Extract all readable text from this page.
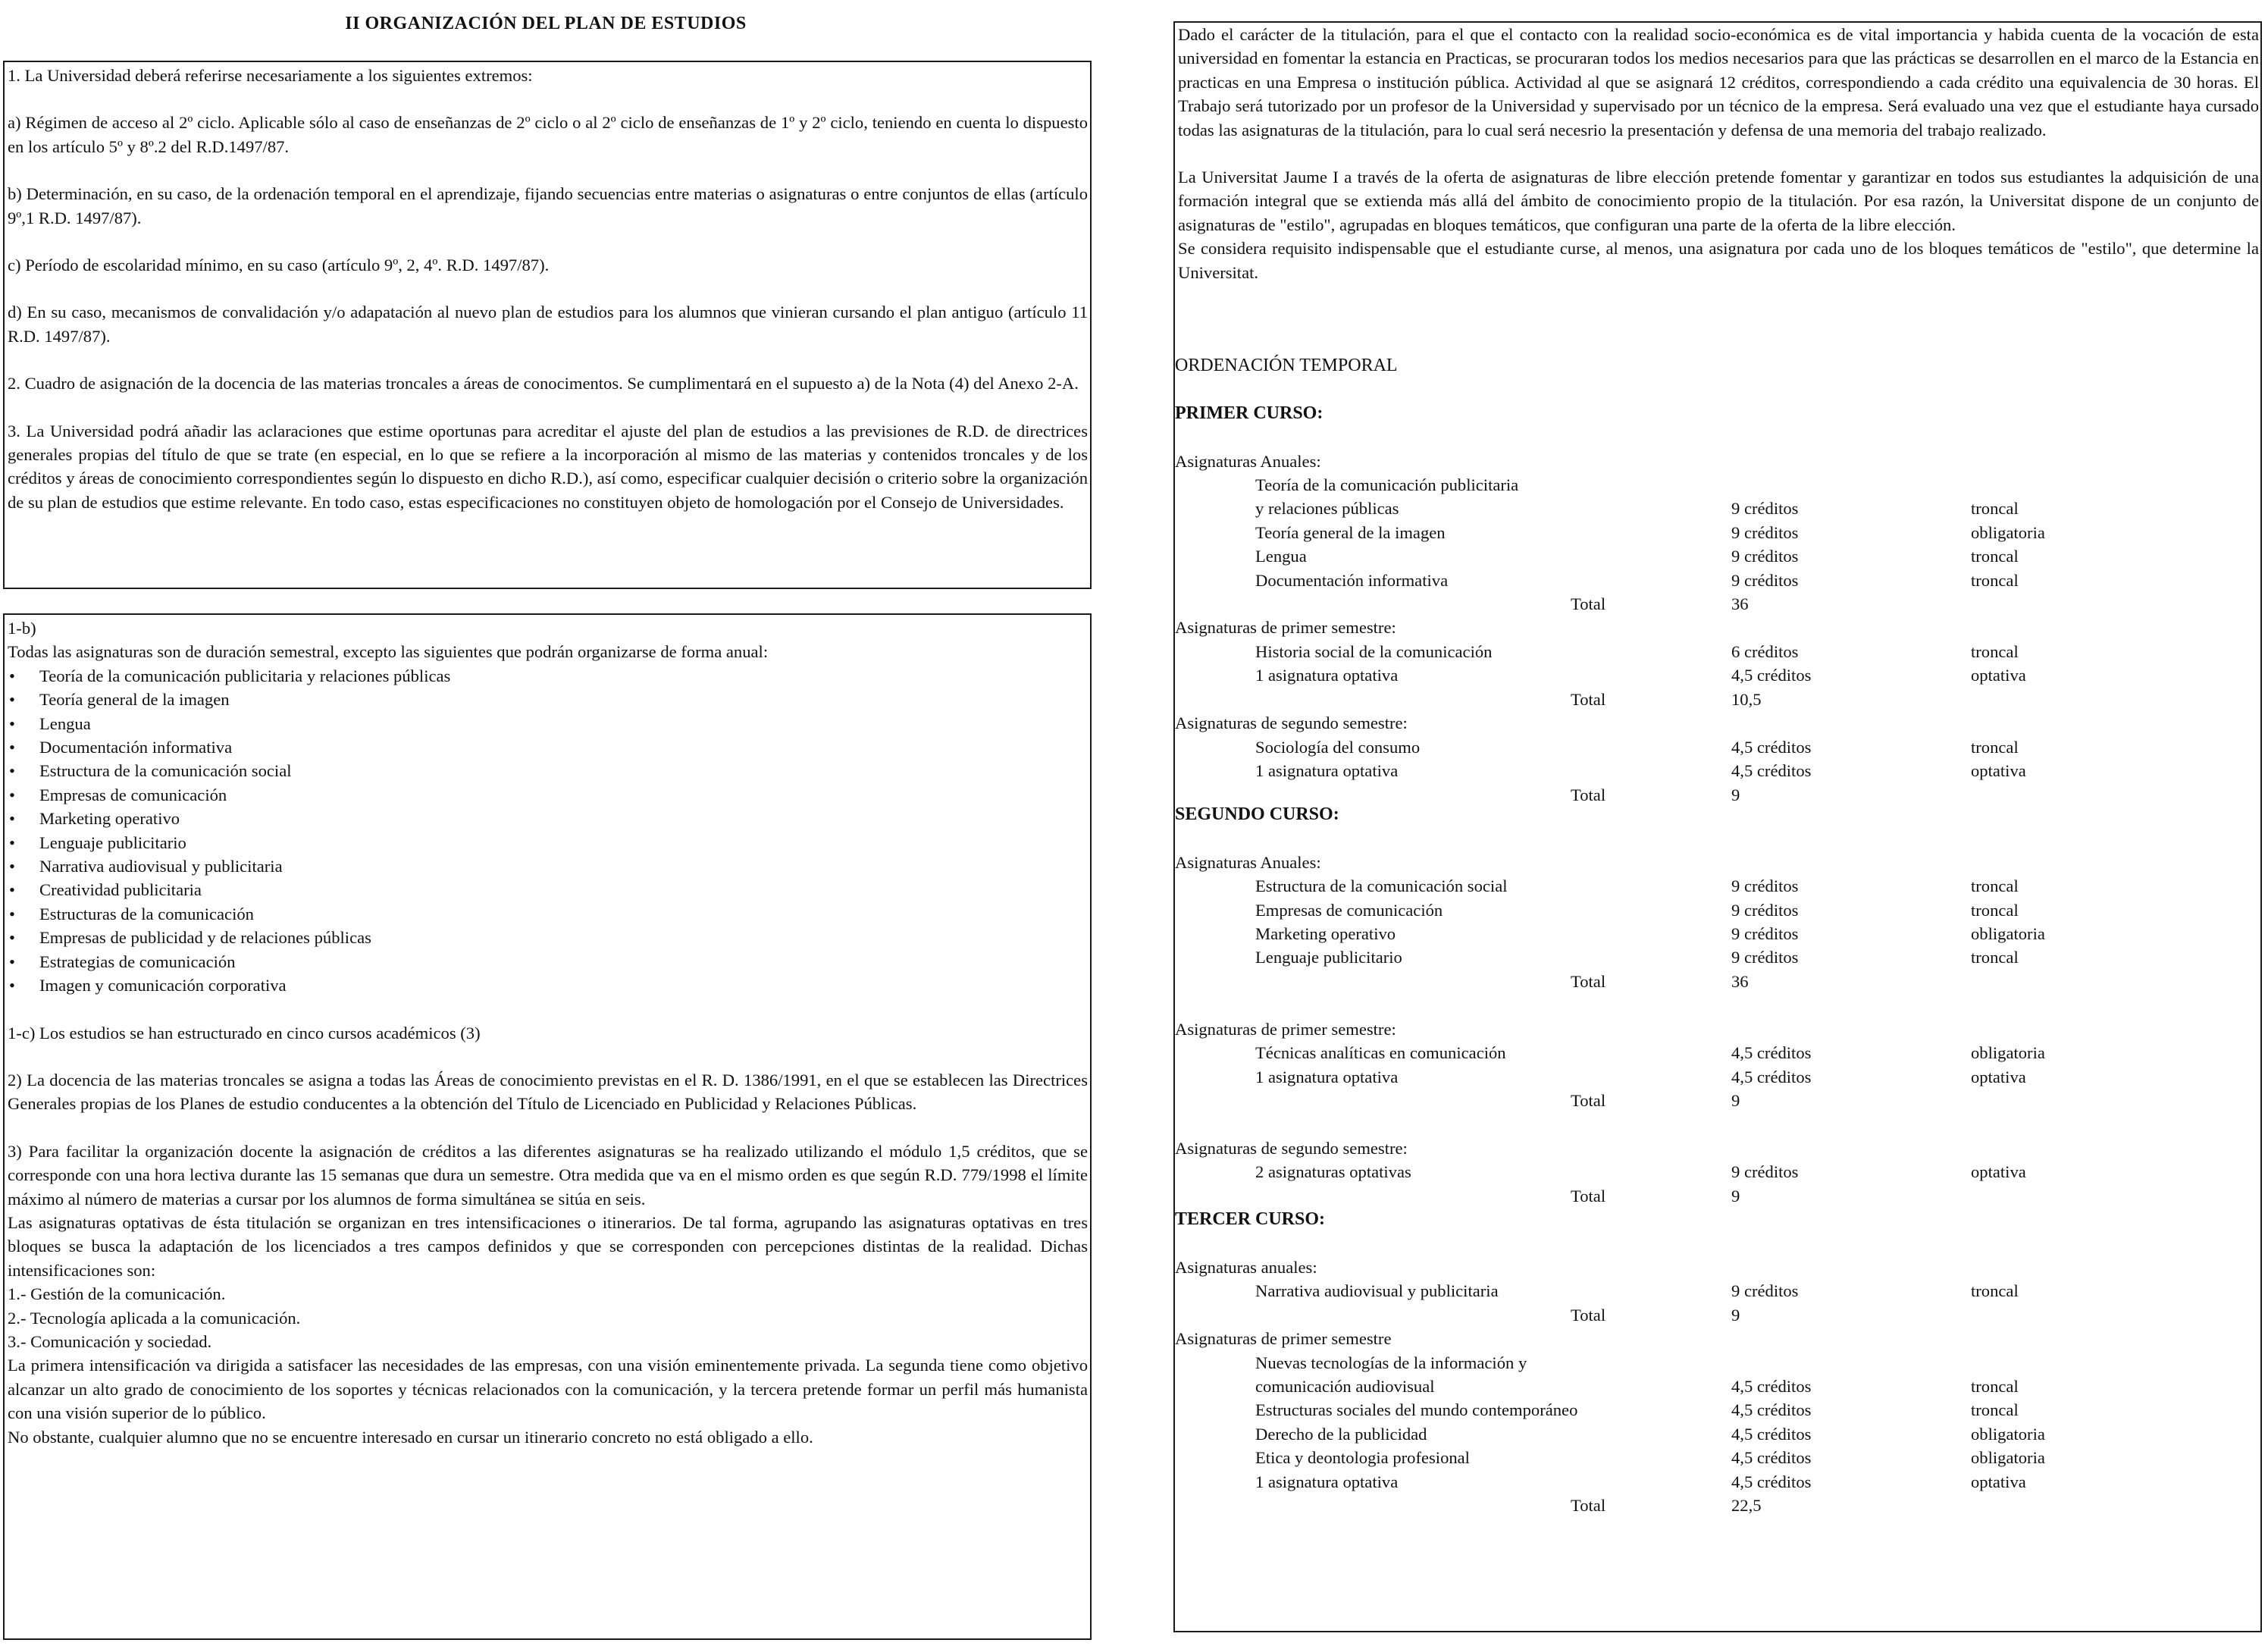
II ORGANIZACIÓN DEL PLAN DE ESTUDIOS

1. La Universidad deberá referirse necesariamente a los siguientes extremos:

a) Régimen de acceso al 2º ciclo. Aplicable sólo al caso de enseñanzas de 2º ciclo o al 2º ciclo de enseñanzas de 1º y 2º ciclo, teniendo en cuenta lo dispuesto en los artículo 5º y 8º.2 del R.D.1497/87.

b) Determinación, en su caso, de la ordenación temporal en el aprendizaje, fijando secuencias entre materias o asignaturas o entre conjuntos de ellas (artículo 9º,1 R.D. 1497/87).

c) Período de escolaridad mínimo, en su caso (artículo 9º, 2, 4º. R.D. 1497/87).

d) En su caso, mecanismos de convalidación y/o adapatación al nuevo plan de estudios para los alumnos que vinieran cursando el plan antiguo (artículo 11 R.D. 1497/87).

2. Cuadro de asignación de la docencia de las materias troncales a áreas de conocimentos. Se cumplimentará en el supuesto a) de la Nota (4) del Anexo 2-A.

3. La Universidad podrá añadir las aclaraciones que estime oportunas para acreditar el ajuste del plan de estudios a las previsiones de R.D. de directrices generales propias del título de que se trate (en especial, en lo que se refiere a la incorporación al mismo de las materias y contenidos troncales y de los créditos y áreas de conocimiento correspondientes según lo dispuesto en dicho R.D.), así como, especificar cualquier decisión o criterio sobre la organización de su plan de estudios que estime relevante. En todo caso, estas especificaciones no constituyen objeto de homologación por el Consejo de Universidades.

1-b)

Todas las asignaturas son de duración semestral, excepto las siguientes que podrán organizarse de forma anual:

• Teoría de la comunicación publicitaria y relaciones públicas
• Teoría general de la imagen
• Lengua
• Documentación informativa
• Estructura de la comunicación social
• Empresas de comunicación
• Marketing operativo
• Lenguaje publicitario
• Narrativa audiovisual y publicitaria
• Creatividad publicitaria
• Estructuras de la comunicación
• Empresas de publicidad y de relaciones públicas
• Estrategias de comunicación
• Imagen y comunicación corporativa

1-c) Los estudios se han estructurado en cinco cursos académicos (3)

2) La docencia de las materias troncales se asigna a todas las Áreas de conocimiento previstas en el R. D. 1386/1991, en el que se establecen las Directrices Generales propias de los Planes de estudio conducentes a la obtención del Título de Licenciado en Publicidad y Relaciones Públicas.

3) Para facilitar la organización docente la asignación de créditos a las diferentes asignaturas se ha realizado utilizando el módulo 1,5 créditos, que se corresponde con una hora lectiva durante las 15 semanas que dura un semestre. Otra medida que va en el mismo orden es que según R.D. 779/1998 el límite máximo al número de materias a cursar por los alumnos de forma simultánea se sitúa en seis.

Las asignaturas optativas de ésta titulación se organizan en tres intensificaciones o itinerarios. De tal forma, agrupando las asignaturas optativas en tres bloques se busca la adaptación de los licenciados a tres campos definidos y que se corresponden con percepciones distintas de la realidad. Dichas intensificaciones son:

1.- Gestión de la comunicación.

2.- Tecnología aplicada a la comunicación.

3.- Comunicación y sociedad.

La primera intensificación va dirigida a satisfacer las necesidades de las empresas, con una visión eminentemente privada. La segunda tiene como objetivo alcanzar un alto grado de conocimiento de los soportes y técnicas relacionados con la comunicación, y la tercera pretende formar un perfil más humanista con una visión superior de lo público.

No obstante, cualquier alumno que no se encuentre interesado en cursar un itinerario concreto no está obligado a ello.

Dado el carácter de la titulación, para el que el contacto con la realidad socio-económica es de vital importancia y habida cuenta de la vocación de esta universidad en fomentar la estancia en Practicas, se procuraran todos los medios necesarios para que las prácticas se desarrollen en el marco de la Estancia en practicas en una Empresa o institución pública. Actividad al que se asignará 12 créditos, correspondiendo a cada crédito una equivalencia de 30 horas. El Trabajo será tutorizado por un profesor de la Universidad y supervisado por un técnico de la empresa. Será evaluado una vez que el estudiante haya cursado todas las asignaturas de la titulación, para lo cual será necesrio la presentación y defensa de una memoria del trabajo realizado.

La Universitat Jaume I a través de la oferta de asignaturas de libre elección pretende fomentar y garantizar en todos sus estudiantes la adquisición de una formación integral que se extienda más allá del ámbito de conocimiento propio de la titulación. Por esa razón, la Universitat dispone de un conjunto de asignaturas de "estilo", agrupadas en bloques temáticos, que configuran una parte de la oferta de la libre elección.

Se considera requisito indispensable que el estudiante curse, al menos, una asignatura por cada uno de los bloques temáticos de "estilo", que determine la Universitat.

ORDENACIÓN TEMPORAL
PRIMER CURSO:
Asignaturas Anuales:
Teoría de la comunicación publicitaria
y relaciones públicas	9 créditos	troncal
Teoría general de la imagen	9 créditos	obligatoria
Lengua	9 créditos	troncal
Documentación informativa	9 créditos	troncal
Total	36
Asignaturas de primer semestre:
Historia social de la comunicación	6 créditos	troncal
1 asignatura optativa	4,5 créditos	optativa
Total	10,5
Asignaturas de segundo semestre:
Sociología del consumo	4,5 créditos	troncal
1 asignatura optativa	4,5 créditos	optativa
Total	9
SEGUNDO CURSO:
Asignaturas Anuales:
Estructura de la comunicación social	9 créditos	troncal
Empresas de comunicación	9 créditos	troncal
Marketing operativo	9 créditos	obligatoria
Lenguaje publicitario	9 créditos	troncal
Total	36
Asignaturas de primer semestre:
Técnicas analíticas en comunicación	4,5 créditos	obligatoria
1 asignatura optativa	4,5 créditos	optativa
Total	9
Asignaturas de segundo semestre:
2 asignaturas optativas	9 créditos	optativa
Total	9
TERCER CURSO:
Asignaturas anuales:
Narrativa audiovisual y publicitaria	9 créditos	troncal
Total	9
Asignaturas de primer semestre
Nuevas tecnologías de la información y
comunicación audiovisual	4,5 créditos	troncal
Estructuras sociales del mundo contemporáneo	4,5 créditos	troncal
Derecho de la publicidad	4,5 créditos	obligatoria
Etica y deontologia profesional	4,5 créditos	obligatoria
1 asignatura optativa	4,5 créditos	optativa
Total	22,5
